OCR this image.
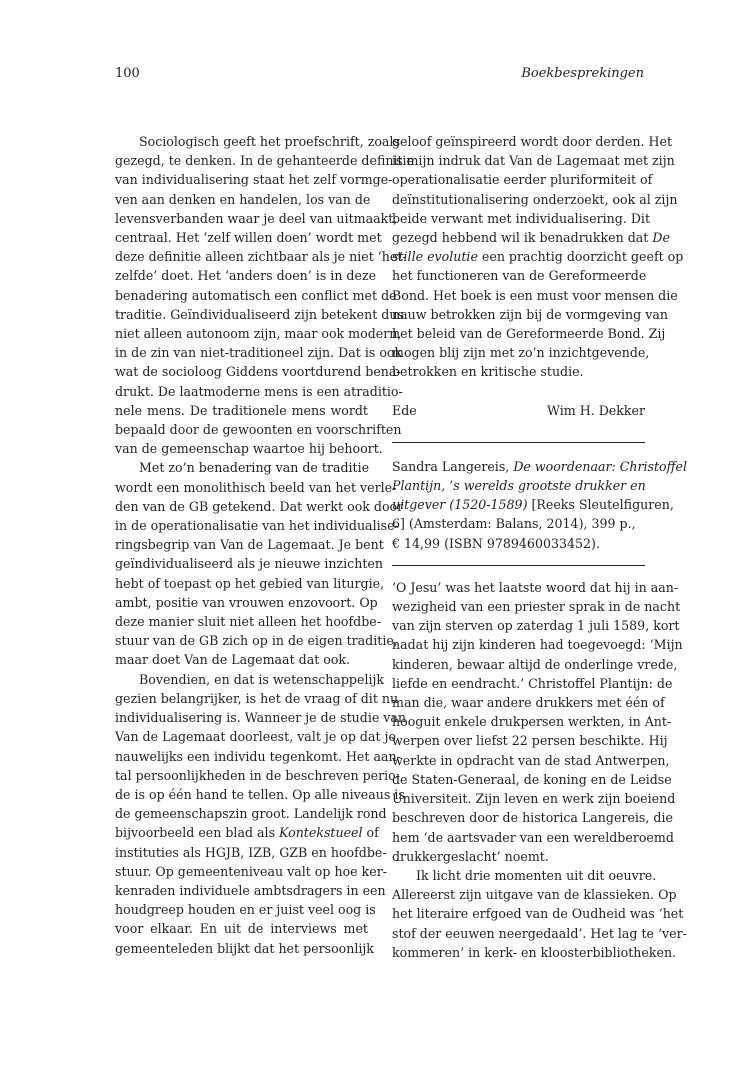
100	Boekbesprekingen
Sociologisch geeft het proefschrift, zoals
gezegd, te denken. In de gehanteerde definitie
van individualisering staat het zelf vormge-
ven aan denken en handelen, los van de
levensverbanden waar je deel van uitmaakt,
centraal. Het ‘zelf willen doen’ wordt met
deze definitie alleen zichtbaar als je niet ‘het-
zelfde’ doet. Het ‘anders doen’ is in deze
benadering automatisch een conflict met de
traditie. Geïndividualiseerd zijn betekent dus
niet alleen autonoom zijn, maar ook modern,
in de zin van niet-traditioneel zijn. Dat is ook
wat de socioloog Giddens voortdurend bena-
drukt. De laatmoderne mens is een atraditio-
nele mens. De traditionele mens wordt
bepaald door de gewoonten en voorschriften
van de gemeenschap waartoe hij behoort.
Met zo’n benadering van de traditie
wordt een monolithisch beeld van het verle-
den van de GB getekend. Dat werkt ook door
in de operationalisatie van het individualise-
ringsbegrip van Van de Lagemaat. Je bent
geïndividualiseerd als je nieuwe inzichten
hebt of toepast op het gebied van liturgie,
ambt, positie van vrouwen enzovoort. Op
deze manier sluit niet alleen het hoofdbe-
stuur van de GB zich op in de eigen traditie,
maar doet Van de Lagemaat dat ook.
Bovendien, en dat is wetenschappelijk
gezien belangrijker, is het de vraag of dit nu
individualisering is. Wanneer je de studie van
Van de Lagemaat doorleest, valt je op dat je
nauwelijks een individu tegenkomt. Het aan-
tal persoonlijkheden in de beschreven perio-
de is op één hand te tellen. Op alle niveaus is
de gemeenschapszin groot. Landelijk rond
bijvoorbeeld een blad als Kontekstueel of
instituties als HGJB, IZB, GZB en hoofdbe-
stuur. Op gemeenteniveau valt op hoe ker-
kenraden individuele ambtsdragers in een
houdgreep houden en er juist veel oog is
voor elkaar. En uit de interviews met
gemeenteleden blijkt dat het persoonlijk
geloof geïnspireerd wordt door derden. Het
is mijn indruk dat Van de Lagemaat met zijn
operationalisatie eerder pluriformiteit of
deïnstitutionalisering onderzoekt, ook al zijn
beide verwant met individualisering. Dit
gezegd hebbend wil ik benadrukken dat De
stille evolutie een prachtig doorzicht geeft op
het functioneren van de Gereformeerde
Bond. Het boek is een must voor mensen die
nauw betrokken zijn bij de vormgeving van
het beleid van de Gereformeerde Bond. Zij
mogen blij zijn met zo’n inzichtgevende,
betrokken en kritische studie.
Ede	Wim H. Dekker
Sandra Langereis, De woordenaar: Christoffel
Plantijn, ’s werelds grootste drukker en
uitgever (1520-1589) [Reeks Sleutelfiguren,
6] (Amsterdam: Balans, 2014), 399 p.,
€ 14,99 (ISBN 9789460033452).
‘O Jesu’ was het laatste woord dat hij in aan-
wezigheid van een priester sprak in de nacht
van zijn sterven op zaterdag 1 juli 1589, kort
nadat hij zijn kinderen had toegevoegd: ‘Mijn
kinderen, bewaar altijd de onderlinge vrede,
liefde en eendracht.’ Christoffel Plantijn: de
man die, waar andere drukkers met één of
hooguit enkele drukpersen werkten, in Ant-
werpen over liefst 22 persen beschikte. Hij
werkte in opdracht van de stad Antwerpen,
de Staten-Generaal, de koning en de Leidse
Universiteit. Zijn leven en werk zijn boeiend
beschreven door de historica Langereis, die
hem ‘de aartsvader van een wereldberoemd
drukkergeslacht’ noemt.
Ik licht drie momenten uit dit oeuvre.
Allereerst zijn uitgave van de klassieken. Op
het literaire erfgoed van de Oudheid was ‘het
stof der eeuwen neergedaald’. Het lag te ‘ver-
kommeren’ in kerk- en kloosterbibliotheken.
